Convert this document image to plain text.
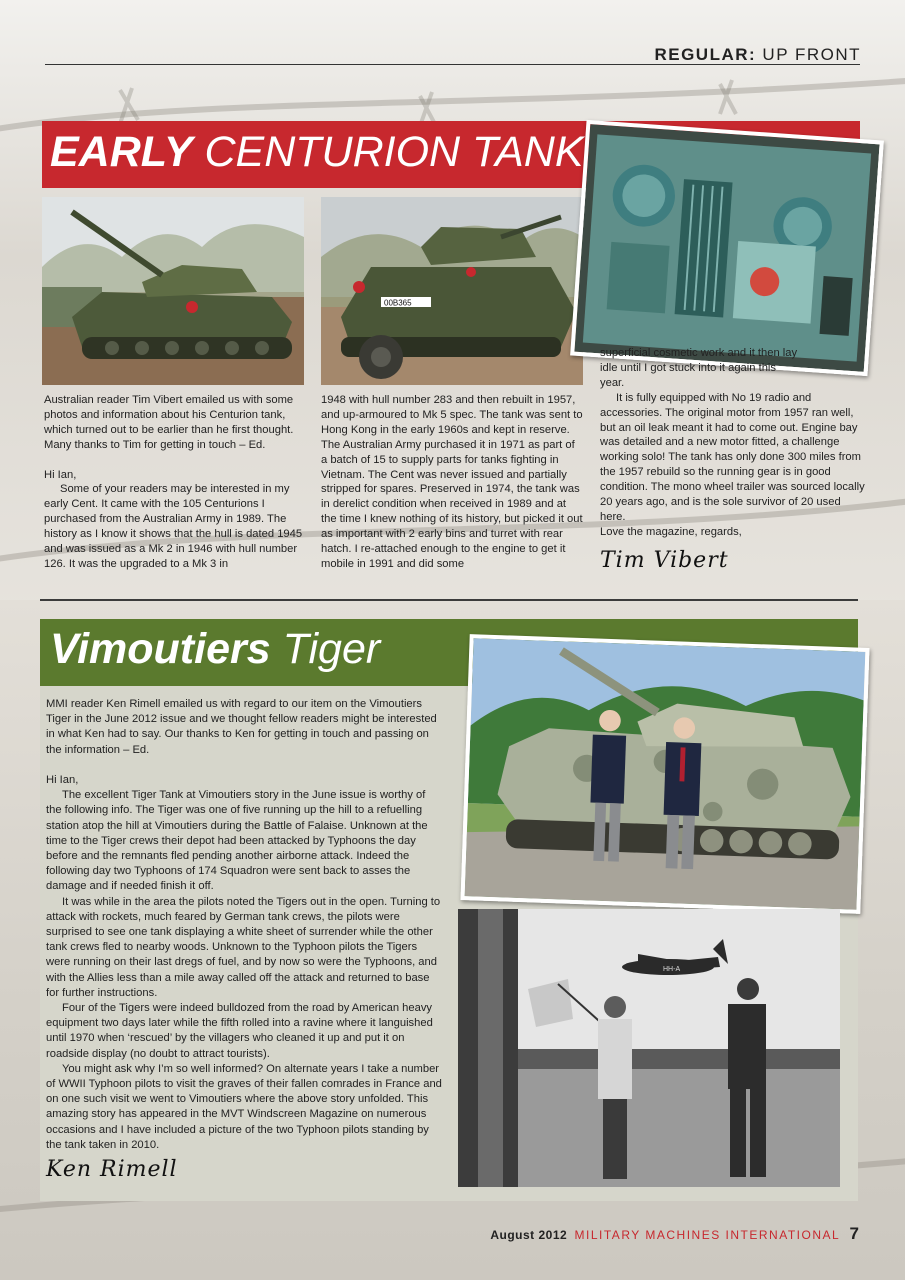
REGULAR: UP FRONT
EARLY CENTURION TANK
00B365

Australian reader Tim Vibert emailed us with some photos and information about his Centurion tank, which turned out to be earlier than he first thought. Many thanks to Tim for getting in touch – Ed.

Hi Ian,

Some of your readers may be interested in my early Cent. It came with the 105 Centurions I purchased from the Australian Army in 1989. The history as I know it shows that the hull is dated 1945 and was issued as a Mk 2 in 1946 with hull number 126. It was the upgraded to a Mk 3 in

1948 with hull number 283 and then rebuilt in 1957, and up-armoured to Mk 5 spec. The tank was sent to Hong Kong in the early 1960s and kept in reserve. The Australian Army purchased it in 1971 as part of a batch of 15 to supply parts for tanks fighting in Vietnam. The Cent was never issued and partially stripped for spares. Preserved in 1974, the tank was in derelict condition when received in 1989 and at the time I knew nothing of its history, but picked it out as important with 2 early bins and turret with rear hatch. I re-attached enough to the engine to get it mobile in 1991 and did some

superficial cosmetic work and it then lay idle until I got stuck into it again this year.

It is fully equipped with No 19 radio and accessories. The original motor from 1957 ran well, but an oil leak meant it had to come out. Engine bay was detailed and a new motor fitted, a challenge working solo! The tank has only done 300 miles from the 1957 rebuild so the running gear is in good condition. The mono wheel trailer was sourced locally 20 years ago, and is the sole survivor of 20 used here.

Love the magazine, regards,

Tim Vibert
Vimoutiers Tiger

MMI reader Ken Rimell emailed us with regard to our item on the Vimoutiers Tiger in the June 2012 issue and we thought fellow readers might be interested in what Ken had to say. Our thanks to Ken for getting in touch and passing on the information – Ed.

Hi Ian,

The excellent Tiger Tank at Vimoutiers story in the June issue is worthy of the following info. The Tiger was one of five running up the hill to a refuelling station atop the hill at Vimoutiers during the Battle of Falaise. Unknown at the time to the Tiger crews their depot had been attacked by Typhoons the day before and the remnants fled pending another airborne attack. Indeed the following day two Typhoons of 174 Squadron were sent back to asses the damage and if needed finish it off.

It was while in the area the pilots noted the Tigers out in the open. Turning to attack with rockets, much feared by German tank crews, the pilots were surprised to see one tank displaying a white sheet of surrender while the other tank crews fled to nearby woods. Unknown to the Typhoon pilots the Tigers were running on their last dregs of fuel, and by now so were the Typhoons, and with the Allies less than a mile away called off the attack and returned to base for further instructions.

Four of the Tigers were indeed bulldozed from the road by American heavy equipment two days later while the fifth rolled into a ravine where it languished until 1970 when ‘rescued’ by the villagers who cleaned it up and put it on roadside display (no doubt to attract tourists).

You might ask why I’m so well informed? On alternate years I take a number of WWII Typhoon pilots to visit the graves of their fallen comrades in France and on one such visit we went to Vimoutiers where the above story unfolded. This amazing story has appeared in the MVT Windscreen Magazine on numerous occasions and I have included a picture of the two Typhoon pilots standing by the tank taken in 2010.

Ken Rimell
HH-A
August 2012 MILITARY MACHINES INTERNATIONAL 7
